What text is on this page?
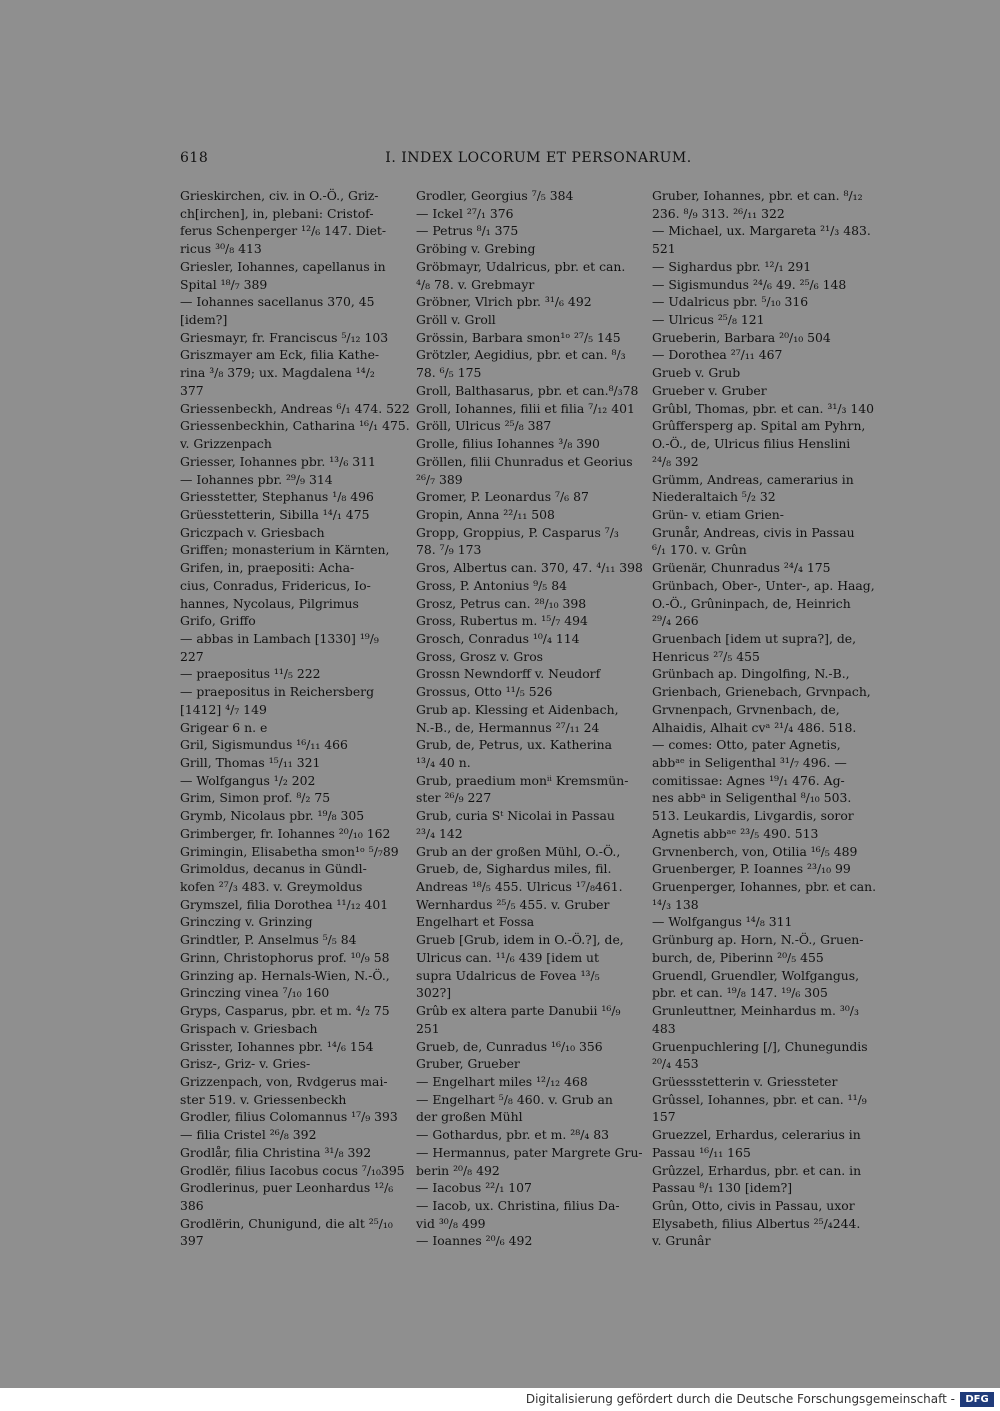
618	I. INDEX LOCORUM ET PERSONARUM.
Grieskirchen, civ. in O.-Ö., Griz-
ch[irchen], in, plebani: Cristof-
ferus Schenperger ¹²/₆ 147. Diet-
ricus ³⁰/₈ 413
Griesler, Iohannes, capellanus in
Spital ¹⁸/₇ 389
— Iohannes sacellanus 370, 45
[idem?]
Griesmayr, fr. Franciscus ⁵/₁₂ 103
Griszmayer am Eck, filia Kathe-
rina ³/₈ 379; ux. Magdalena ¹⁴/₂
377
Griessenbeckh, Andreas ⁶/₁ 474. 522
Griessenbeckhin, Catharina ¹⁶/₁ 475.
v. Grizzenpach
Griesser, Iohannes pbr. ¹³/₆ 311
— Iohannes pbr. ²⁹/₉ 314
Griesstetter, Stephanus ¹/₈ 496
Grüesstetterin, Sibilla ¹⁴/₁ 475
Griczpach v. Griesbach
Griffen; monasterium in Kärnten,
Grifen, in, praepositi: Acha-
cius, Conradus, Fridericus, Io-
hannes, Nycolaus, Pilgrimus
Grifo, Griffo
— abbas in Lambach [1330] ¹⁹/₉
227
— praepositus ¹¹/₅ 222
— praepositus in Reichersberg
[1412] ⁴/₇ 149
Grigear 6 n. e
Gril, Sigismundus ¹⁶/₁₁ 466
Grill, Thomas ¹⁵/₁₁ 321
— Wolfgangus ¹/₂ 202
Grim, Simon prof. ⁸/₂ 75
Grymb, Nicolaus pbr. ¹⁹/₈ 305
Grimberger, fr. Iohannes ²⁰/₁₀ 162
Grimingin, Elisabetha smon¹ᵒ ⁵/₇89
Grimoldus, decanus in Gündl-
kofen ²⁷/₃ 483. v. Greymoldus
Grymszel, filia Dorothea ¹¹/₁₂ 401
Grinczing v. Grinzing
Grindtler, P. Anselmus ⁵/₅ 84
Grinn, Christophorus prof. ¹⁰/₉ 58
Grinzing ap. Hernals-Wien, N.-Ö.,
Grinczing vinea ⁷/₁₀ 160
Gryps, Casparus, pbr. et m. ⁴/₂ 75
Grispach v. Griesbach
Grisster, Iohannes pbr. ¹⁴/₆ 154
Grisz-, Griz- v. Gries-
Grizzenpach, von, Rvdgerus mai-
ster 519. v. Griessenbeckh
Grodler, filius Colomannus ¹⁷/₉ 393
— filia Cristel ²⁶/₈ 392
Grodlår, filia Christina ³¹/₈ 392
Grodlër, filius Iacobus cocus ⁷/₁₀395
Grodlerinus, puer Leonhardus ¹²/₆
386
Grodlërin, Chunigund, die alt ²⁵/₁₀
397
Grodler, Georgius ⁷/₅ 384
— Ickel ²⁷/₁ 376
— Petrus ⁸/₁ 375
Gröbing v. Grebing
Gröbmayr, Udalricus, pbr. et can.
⁴/₈ 78. v. Grebmayr
Gröbner, Vlrich pbr. ³¹/₆ 492
Gröll v. Groll
Grössin, Barbara smon¹ᵒ ²⁷/₅ 145
Grötzler, Aegidius, pbr. et can. ⁸/₃
78. ⁶/₅ 175
Groll, Balthasarus, pbr. et can.⁸/₃78
Groll, Iohannes, filii et filia ⁷/₁₂ 401
Gröll, Ulricus ²⁵/₈ 387
Grolle, filius Iohannes ³/₈ 390
Gröllen, filii Chunradus et Georius
²⁶/₇ 389
Gromer, P. Leonardus ⁷/₆ 87
Gropin, Anna ²²/₁₁ 508
Gropp, Groppius, P. Casparus ⁷/₃
78. ⁷/₉ 173
Gros, Albertus can. 370, 47. ⁴/₁₁ 398
Gross, P. Antonius ⁹/₅ 84
Grosz, Petrus can. ²⁸/₁₀ 398
Gross, Rubertus m. ¹⁵/₇ 494
Grosch, Conradus ¹⁰/₄ 114
Gross, Grosz v. Gros
Grossn Newndorff v. Neudorf
Grossus, Otto ¹¹/₅ 526
Grub ap. Klessing et Aidenbach,
N.-B., de, Hermannus ²⁷/₁₁ 24
Grub, de, Petrus, ux. Katherina
¹³/₄ 40 n.
Grub, praedium monⁱⁱ Kremsmün-
ster ²⁶/₉ 227
Grub, curia Sᵗ Nicolai in Passau
²³/₄ 142
Grub an der großen Mühl, O.-Ö.,
Grueb, de, Sighardus miles, fil.
Andreas ¹⁸/₅ 455. Ulricus ¹⁷/₈461.
Wernhardus ²⁵/₅ 455. v. Gruber
Engelhart et Fossa
Grueb [Grub, idem in O.-Ö.?], de,
Ulricus can. ¹¹/₆ 439 [idem ut
supra Udalricus de Fovea ¹³/₅
302?]
Grûb ex altera parte Danubii ¹⁶/₉
251
Grueb, de, Cunradus ¹⁶/₁₀ 356
Gruber, Grueber
— Engelhart miles ¹²/₁₂ 468
— Engelhart ⁵/₈ 460. v. Grub an
der großen Mühl
— Gothardus, pbr. et m. ²⁸/₄ 83
— Hermannus, pater Margrete Gru-
berin ²⁰/₈ 492
— Iacobus ²²/₁ 107
— Iacob, ux. Christina, filius Da-
vid ³⁰/₈ 499
— Ioannes ²⁰/₆ 492
Gruber, Iohannes, pbr. et can. ⁸/₁₂
236. ⁸/₉ 313. ²⁶/₁₁ 322
— Michael, ux. Margareta ²¹/₃ 483.
521
— Sighardus pbr. ¹²/₁ 291
— Sigismundus ²⁴/₆ 49. ²⁵/₆ 148
— Udalricus pbr. ⁵/₁₀ 316
— Ulricus ²⁵/₈ 121
Grueberin, Barbara ²⁰/₁₀ 504
— Dorothea ²⁷/₁₁ 467
Grueb v. Grub
Grueber v. Gruber
Grûbl, Thomas, pbr. et can. ³¹/₃ 140
Grûffersperg ap. Spital am Pyhrn,
O.-Ö., de, Ulricus filius Henslini
²⁴/₈ 392
Grümm, Andreas, camerarius in
Niederaltaich ⁵/₂ 32
Grün- v. etiam Grien-
Grunår, Andreas, civis in Passau
⁶/₁ 170. v. Grûn
Grüenär, Chunradus ²⁴/₄ 175
Grünbach, Ober-, Unter-, ap. Haag,
O.-Ö., Grûninpach, de, Heinrich
²⁹/₄ 266
Gruenbach [idem ut supra?], de,
Henricus ²⁷/₅ 455
Grünbach ap. Dingolfing, N.-B.,
Grienbach, Grienebach, Grvnpach,
Grvnenpach, Grvnenbach, de,
Alhaidis, Alhait cvᵃ ²¹/₄ 486. 518.
— comes: Otto, pater Agnetis,
abbᵃᵉ in Seligenthal ³¹/₇ 496. —
comitissae: Agnes ¹⁹/₁ 476. Ag-
nes abbᵃ in Seligenthal ⁸/₁₀ 503.
513. Leukardis, Livgardis, soror
Agnetis abbᵃᵉ ²³/₅ 490. 513
Grvnenberch, von, Otilia ¹⁶/₅ 489
Gruenberger, P. Ioannes ²³/₁₀ 99
Gruenperger, Iohannes, pbr. et can.
¹⁴/₃ 138
— Wolfgangus ¹⁴/₈ 311
Grünburg ap. Horn, N.-Ö., Gruen-
burch, de, Piberinn ²⁰/₅ 455
Gruendl, Gruendler, Wolfgangus,
pbr. et can. ¹⁹/₈ 147. ¹⁹/₆ 305
Grunleuttner, Meinhardus m. ³⁰/₃
483
Gruenpuchlering [/], Chunegundis
²⁰/₄ 453
Grüessstetterin v. Griessteter
Grûssel, Iohannes, pbr. et can. ¹¹/₉
157
Gruezzel, Erhardus, celerarius in
Passau ¹⁶/₁₁ 165
Grûzzel, Erhardus, pbr. et can. in
Passau ⁸/₁ 130 [idem?]
Grûn, Otto, civis in Passau, uxor
Elysabeth, filius Albertus ²⁵/₄244.
v. Grunâr
Digitalisierung gefördert durch die Deutsche Forschungsgemeinschaft -	DFG
